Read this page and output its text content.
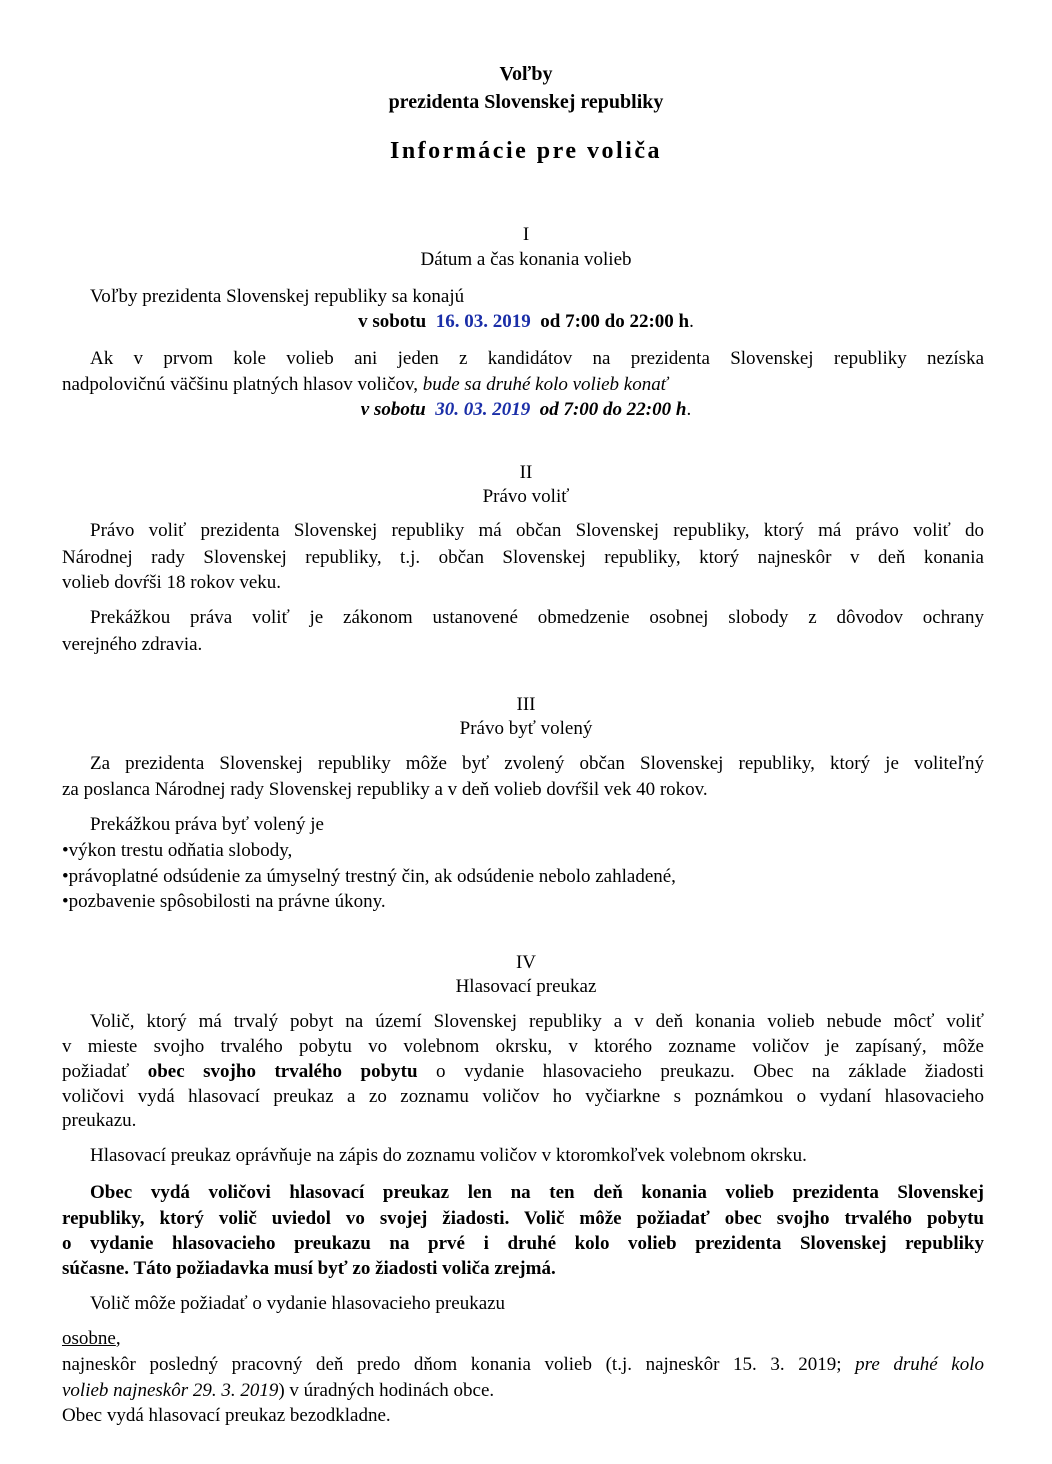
Voľby
prezidenta Slovenskej republiky
Informácie pre voliča
I
Dátum a čas konania volieb
Voľby prezidenta Slovenskej republiky sa konajú
v sobotu 16. 03. 2019 od 7:00 do 22:00 h.
Ak v prvom kole volieb ani jeden z kandidátov na prezidenta Slovenskej republiky nezíska
nadpolovičnú väčšinu platných hlasov voličov, bude sa druhé kolo volieb konať
v sobotu 30. 03. 2019 od 7:00 do 22:00 h.
II
Právo voliť
Právo voliť prezidenta Slovenskej republiky má občan Slovenskej republiky, ktorý má právo voliť do
Národnej rady Slovenskej republiky, t.j. občan Slovenskej republiky, ktorý najneskôr v deň konania
volieb dovŕši 18 rokov veku.
Prekážkou práva voliť je zákonom ustanovené obmedzenie osobnej slobody z dôvodov ochrany
verejného zdravia.
III
Právo byť volený
Za prezidenta Slovenskej republiky môže byť zvolený občan Slovenskej republiky, ktorý je voliteľný
za poslanca Národnej rady Slovenskej republiky a v deň volieb dovŕšil vek 40 rokov.
Prekážkou práva byť volený je
•výkon trestu odňatia slobody,
•právoplatné odsúdenie za úmyselný trestný čin, ak odsúdenie nebolo zahladené,
•pozbavenie spôsobilosti na právne úkony.
IV
Hlasovací preukaz
Volič, ktorý má trvalý pobyt na území Slovenskej republiky a v deň konania volieb nebude môcť voliť
v mieste svojho trvalého pobytu vo volebnom okrsku, v ktorého zozname voličov je zapísaný, môže
požiadať obec svojho trvalého pobytu o vydanie hlasovacieho preukazu. Obec na základe žiadosti
voličovi vydá hlasovací preukaz a zo zoznamu voličov ho vyčiarkne s poznámkou o vydaní hlasovacieho
preukazu.
Hlasovací preukaz oprávňuje na zápis do zoznamu voličov v ktoromkoľvek volebnom okrsku.
Obec vydá voličovi hlasovací preukaz len na ten deň konania volieb prezidenta Slovenskej
republiky, ktorý volič uviedol vo svojej žiadosti. Volič môže požiadať obec svojho trvalého pobytu
o vydanie hlasovacieho preukazu na prvé i druhé kolo volieb prezidenta Slovenskej republiky
súčasne. Táto požiadavka musí byť zo žiadosti voliča zrejmá.
Volič môže požiadať o vydanie hlasovacieho preukazu
osobne,
najneskôr posledný pracovný deň predo dňom konania volieb (t.j. najneskôr 15. 3. 2019; pre druhé kolo
volieb najneskôr 29. 3. 2019) v úradných hodinách obce.
Obec vydá hlasovací preukaz bezodkladne.
